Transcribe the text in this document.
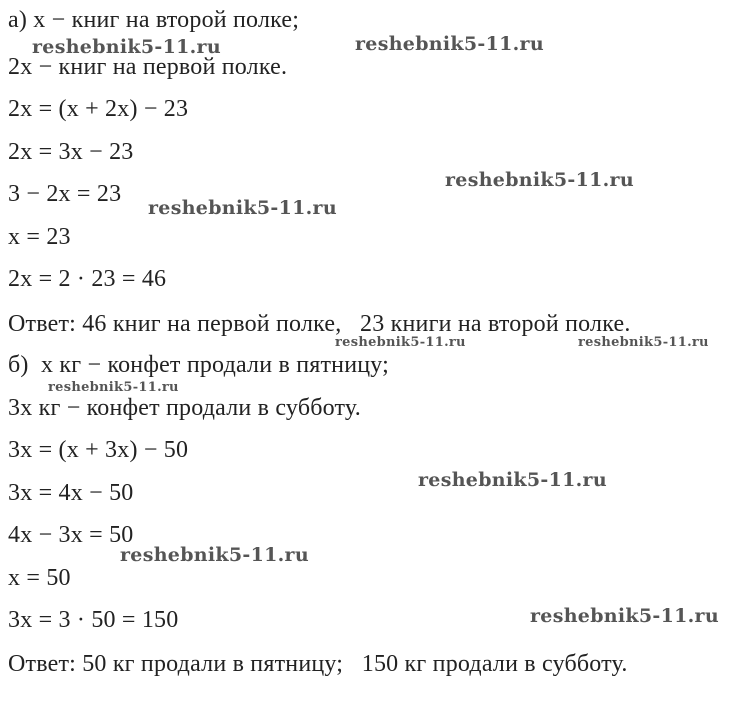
а) x − книг на второй полке;
2x − книг на первой полке.
2x = (x + 2x) − 23
2x = 3x − 23
3 − 2x = 23
x = 23
2x = 2 · 23 = 46
Ответ: 46 книг на первой полке,   23 книги на второй полке.
б)  x кг − конфет продали в пятницу;
3x кг − конфет продали в субботу.
3x = (x + 3x) − 50
3x = 4x − 50
4x − 3x = 50
x = 50
3x = 3 · 50 = 150
Ответ: 50 кг продали в пятницу;   150 кг продали в субботу.
reshebnik5-11.ru	reshebnik5-11.ru
reshebnik5-11.ru
reshebnik5-11.ru
reshebnik5-11.ru	reshebnik5-11.ru
reshebnik5-11.ru
reshebnik5-11.ru
reshebnik5-11.ru
reshebnik5-11.ru
